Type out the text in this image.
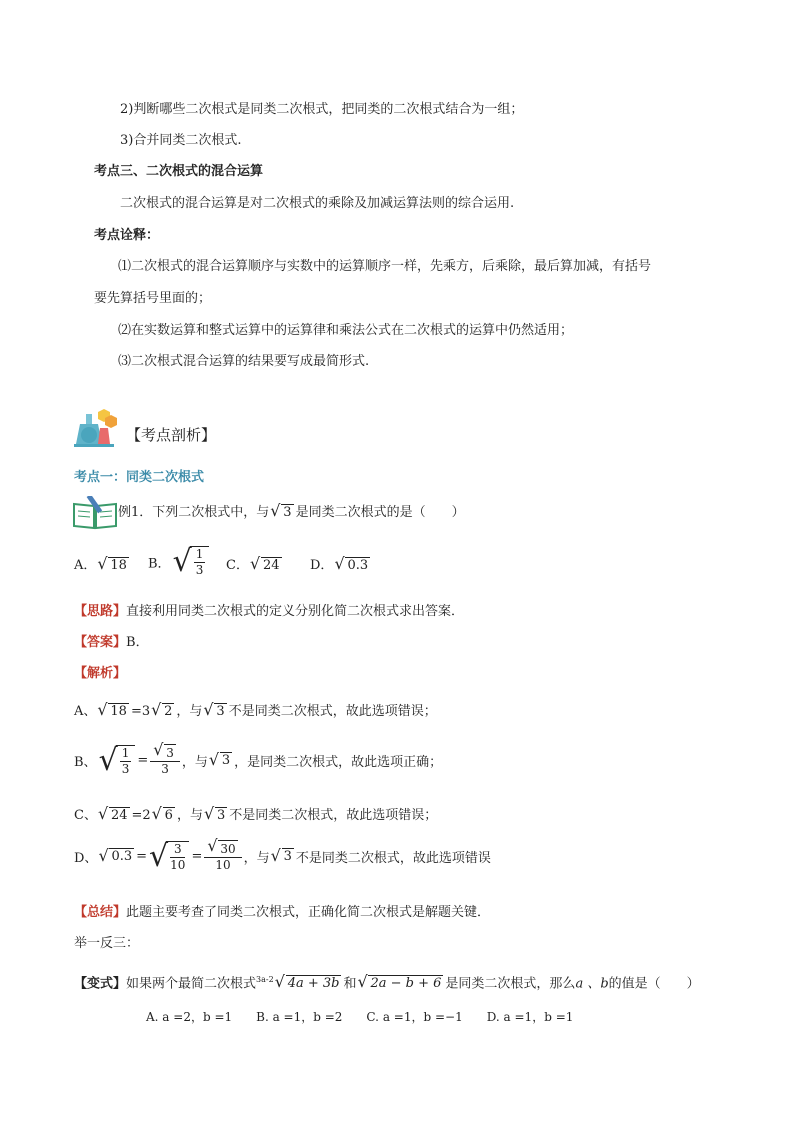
2)判断哪些二次根式是同类二次根式，把同类的二次根式结合为一组；
3)合并同类二次根式.
考点三、二次根式的混合运算
二次根式的混合运算是对二次根式的乘除及加减运算法则的综合运用.
考点诠释：
⑴二次根式的混合运算顺序与实数中的运算顺序一样，先乘方，后乘除，最后算加减，有括号
要先算括号里面的；
⑵在实数运算和整式运算中的运算律和乘法公式在二次根式的运算中仍然适用；
⑶二次根式混合运算的结果要写成最简形式.
【考点剖析】
考点一：同类二次根式
例1．下列二次根式中，与 √ 3 是同类二次根式的是（　　）
A． √ 18	B． √ $\frac{1}{3}$ C． √ 24	D． √ 0.3
【思路】直接利用同类二次根式的定义分别化简二次根式求出答案．
【答案】B．
【解析】
A、 √ 18 =3 √ 2 ，与 √ 3 不是同类二次根式，故此选项错误；
B、 √ $\frac{1}{3}$ = √ $\frac{3}{3}$ ，与 √ 3 ，是同类二次根式，故此选项正确；
C、 √ 24 =2 √ 6 ，与 √ 3 不是同类二次根式，故此选项错误；
D、 √ 0.3 = √ $\frac{3}{10}$ = √ $\frac{30}{10}$ ，与 √ 3 不是同类二次根式，故此选项错误
【总结】此题主要考查了同类二次根式，正确化简二次根式是解题关键．
举一反三：
【变式】如果两个最简二次根式$^{3a-2}$ √ 4a + 3b 和 √ 2a − b + 6 是同类二次根式，那么a 、b的值是（　　）
A. a =2，b =1　　B. a =1，b =2　　C. a =1，b =−1　　D. a =1，b =1
